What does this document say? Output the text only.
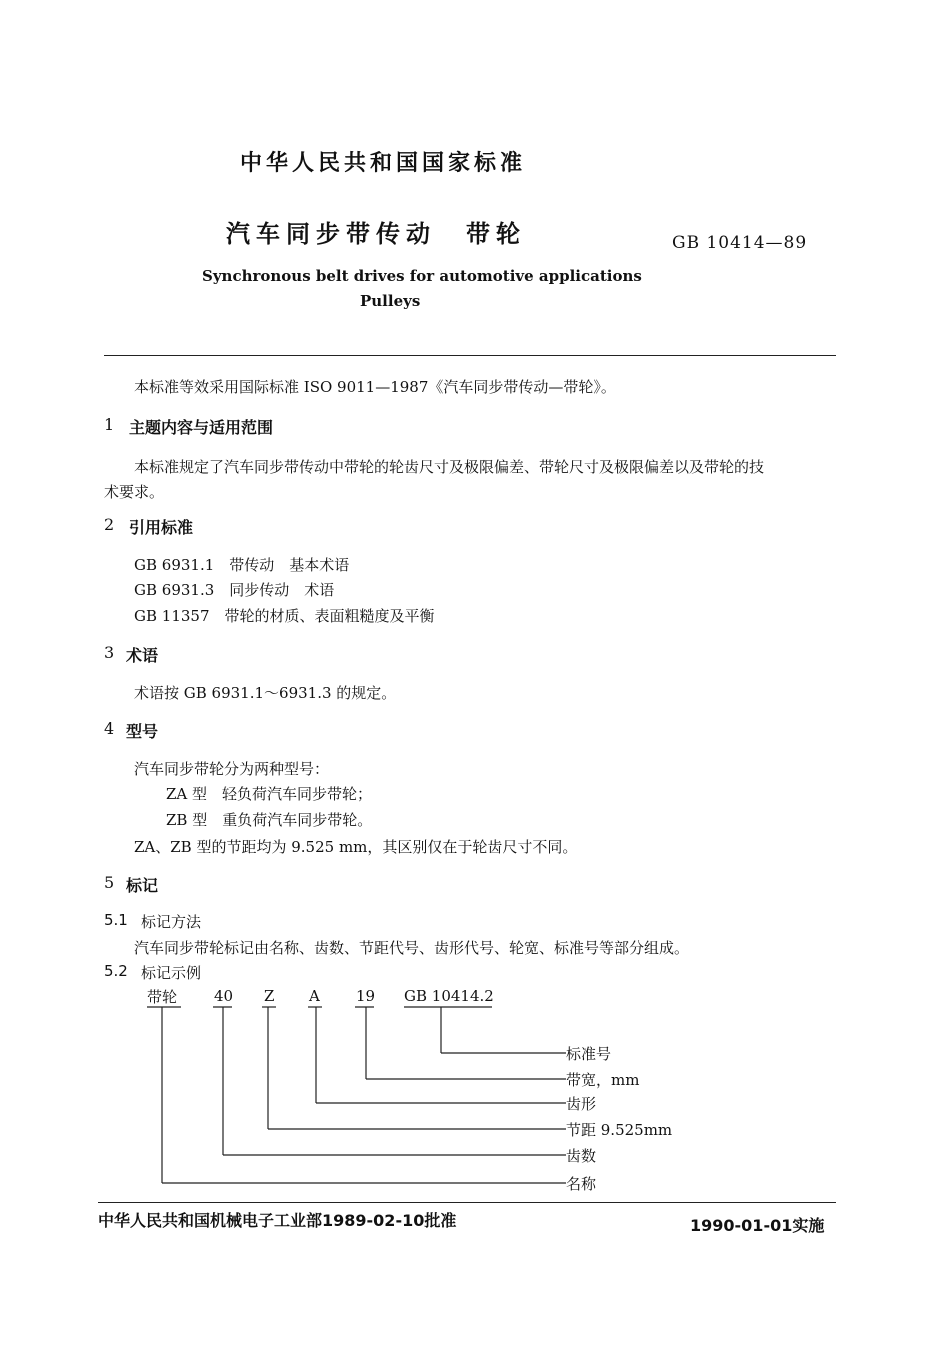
中华人民共和国国家标准
汽车同步带传动　带轮	GB 10414—89
Synchronous belt drives for automotive applications
Pulleys
本标准等效采用国际标准 ISO 9011—1987《汽车同步带传动—带轮》。
1 主题内容与适用范围
本标准规定了汽车同步带传动中带轮的轮齿尺寸及极限偏差、带轮尺寸及极限偏差以及带轮的技
术要求。
2 引用标准
GB 6931.1　带传动　基本术语
GB 6931.3　同步传动　术语
GB 11357　带轮的材质、表面粗糙度及平衡
3 术语
术语按 GB 6931.1～6931.3 的规定。
4 型号
汽车同步带轮分为两种型号：
ZA 型　轻负荷汽车同步带轮；
ZB 型　重负荷汽车同步带轮。
ZA、ZB 型的节距均为 9.525 mm，其区别仅在于轮齿尺寸不同。
5 标记
5.1 标记方法
汽车同步带轮标记由名称、齿数、节距代号、齿形代号、轮宽、标准号等部分组成。
5.2 标记示例
带轮 40 Z A 19 GB 10414.2
标准号
带宽，mm
齿形
节距 9.525mm
齿数
名称
中华人民共和国机械电子工业部1989-02-10批准	1990-01-01实施
